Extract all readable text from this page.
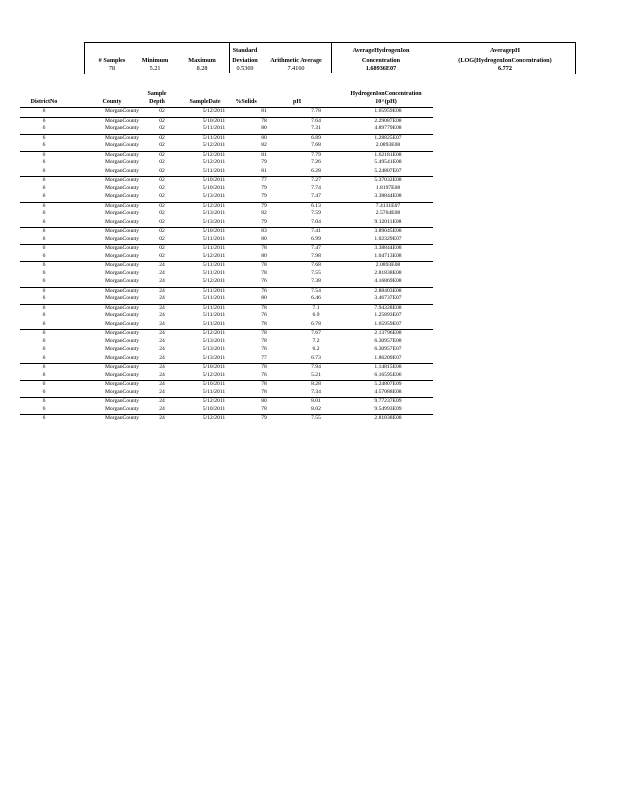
# Samples	Minimum	Maximum
Standard
Deviation	Arithmetic Average
AverageHydrogenIon
Concentration
AveragepH
(LOG(HydrogenIonConcentration)
78	5.21	8.28	0.5369	7.4160	1.68936E07	6.772
DistrictNo	County
Sample
Depth	SampleDate	%Solids	pH
HydrogenIonConcentration
10^(pH)
6	MorganCounty	02	5/12/2011	81	7.78	1.65959E08
6	MorganCounty	02	5/10/2011	78	7.64	2.29087E08
6	MorganCounty	02	5/11/2011	80	7.31	4.89779E08
6	MorganCounty	02	5/11/2011	80	6.89	1.28825E07
6	MorganCounty	02	5/12/2011	82	7.68	2.0893E08
6	MorganCounty	02	5/12/2011	81	7.79	1.62181E08
6	MorganCounty	02	5/12/2011	79	7.26	5.49541E08
6	MorganCounty	02	5/11/2011	81	6.28	5.24807E07
6	MorganCounty	02	5/10/2011	77	7.27	5.37032E08
6	MorganCounty	02	5/10/2011	79	7.74	1.8197E08
6	MorganCounty	02	5/13/2011	79	7.47	3.38844E08
6	MorganCounty	02	5/12/2011	79	6.13	7.4131E07
6	MorganCounty	02	5/13/2011	82	7.59	2.5704E08
6	MorganCounty	02	5/13/2011	79	7.04	9.12011E08
6	MorganCounty	02	5/10/2011	83	7.41	3.89045E08
6	MorganCounty	02	5/11/2011	80	6.99	1.02329E07
6	MorganCounty	02	5/11/2011	78	7.47	3.38844E08
6	MorganCounty	02	5/12/2011	80	7.98	1.04713E08
6	MorganCounty	24	5/11/2011	78	7.68	2.0893E08
6	MorganCounty	24	5/11/2011	78	7.55	2.81838E08
6	MorganCounty	24	5/12/2011	76	7.38	4.16869E08
6	MorganCounty	24	5/11/2011	76	7.54	2.88403E08
6	MorganCounty	24	5/11/2011	80	6.46	3.46737E07
6	MorganCounty	24	5/11/2011	78	7.1	7.94328E08
6	MorganCounty	24	5/11/2011	76	6.9	1.25893E07
6	MorganCounty	24	5/11/2011	78	6.78	1.65959E07
6	MorganCounty	24	5/12/2011	78	7.67	2.13796E08
6	MorganCounty	24	5/13/2011	78	7.2	6.30957E08
6	MorganCounty	24	5/13/2011	76	6.2	6.30957E07
6	MorganCounty	24	5/13/2011	77	6.73	1.86209E07
6	MorganCounty	24	5/10/2011	78	7.94	1.14815E08
6	MorganCounty	24	5/12/2011	76	5.21	6.16595E06
6	MorganCounty	24	5/10/2011	78	8.28	5.24807E09
6	MorganCounty	24	5/11/2011	78	7.34	4.57088E08
6	MorganCounty	24	5/12/2011	80	8.01	9.77237E09
6	MorganCounty	24	5/10/2011	78	8.02	9.54993E09
6	MorganCounty	24	5/12/2011	79	7.55	2.81838E08
